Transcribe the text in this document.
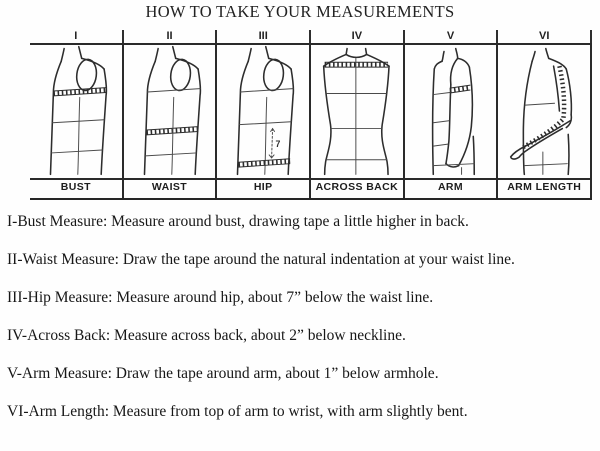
HOW TO TAKE YOUR MEASUREMENTS
I	II	III	IV	V	VI
7
BUST	WAIST	HIP	ACROSS BACK	ARM	ARM LENGTH

I-Bust Measure: Measure around bust, drawing tape a little higher in back.

II-Waist Measure: Draw the tape around the natural indentation at your waist line.

III-Hip Measure: Measure around hip, about 7” below the waist line.

IV-Across Back: Measure across back, about 2” below neckline.

V-Arm Measure: Draw the tape around arm, about 1” below armhole.

VI-Arm Length: Measure from top of arm to wrist, with arm slightly bent.
